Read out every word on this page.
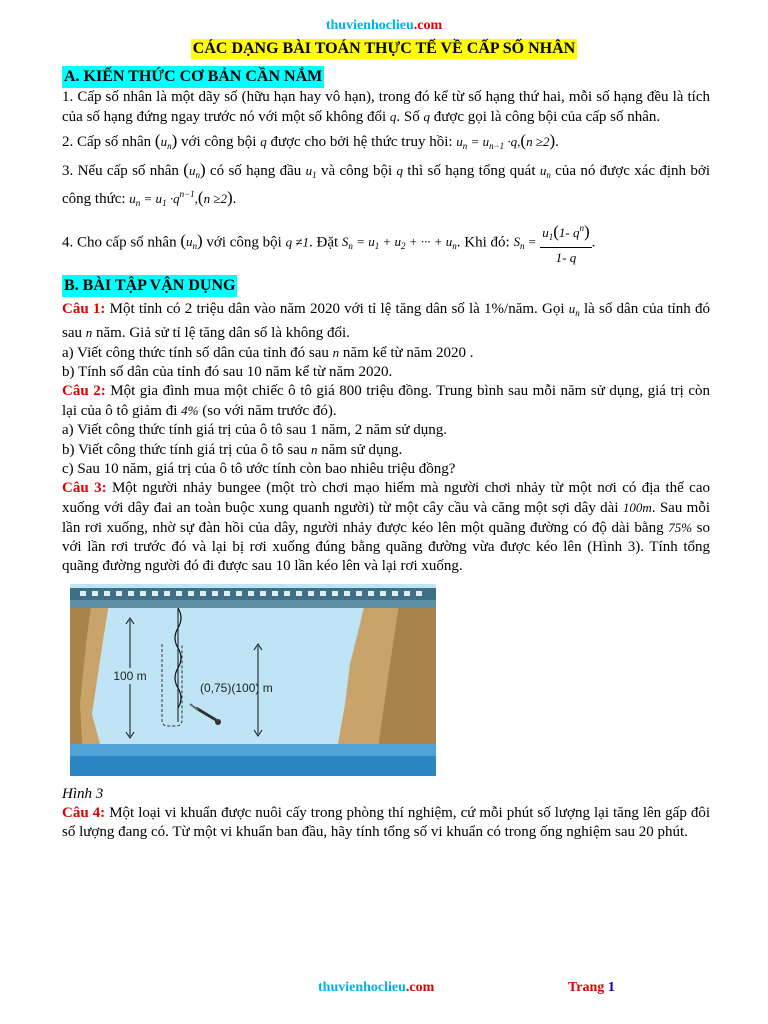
thuvienhoclieu.com
CÁC DẠNG BÀI TOÁN THỰC TẾ VỀ CẤP SỐ NHÂN
A. KIẾN THỨC CƠ BẢN CẦN NẮM

1. Cấp số nhân là một dãy số (hữu hạn hay vô hạn), trong đó kể từ số hạng thứ hai, mỗi số hạng đều là tích của số hạng đứng ngay trước nó với một số không đổi q. Số q được gọi là công bội của cấp số nhân.

2. Cấp số nhân $(u_n)$ với công bội q được cho bởi hệ thức truy hồi: $u_n = u_{n-1} \cdot q,(n \ge 2)$.

3. Nếu cấp số nhân $(u_n)$ có số hạng đầu $u_1$ và công bội q thì số hạng tổng quát $u_n$ của nó được xác định bởi công thức: $u_n = u_1 \cdot q^{n-1},(n \ge 2)$.

4. Cho cấp số nhân $(u_n)$ với công bội q ≠1. Đặt $S_n = u_1 + u_2$ + ··· + $u_n$. Khi đó: $S_n = \frac{u_1(1- q^n)}{1- q}$ .

B. BÀI TẬP VẬN DỤNG

Câu 1: Một tỉnh có 2 triệu dân vào năm 2020 với tỉ lệ tăng dân số là 1%/năm. Gọi $u_n$ là số dân của tỉnh đó sau n năm. Giả sử tỉ lệ tăng dân số là không đổi.

a) Viết công thức tính số dân của tỉnh đó sau n năm kể từ năm 2020 .

b) Tính số dân của tỉnh đó sau 10 năm kể từ năm 2020.

Câu 2: Một gia đình mua một chiếc ô tô giá 800 triệu đồng. Trung bình sau mỗi năm sử dụng, giá trị còn lại của ô tô giảm đi 4% (so với năm trước đó).

a) Viết công thức tính giá trị của ô tô sau 1 năm, 2 năm sử dụng.

b) Viết công thức tính giá trị của ô tô sau n năm sử dụng.

c) Sau 10 năm, giá trị của ô tô ước tính còn bao nhiêu triệu đồng?

Câu 3: Một người nhảy bungee (một trò chơi mạo hiểm mà người chơi nhảy từ một nơi có địa thế cao xuống với dây đai an toàn buộc xung quanh người) từ một cây cầu và căng một sợi dây dài 100m. Sau mỗi lần rơi xuống, nhờ sự đàn hồi của dây, người nhảy được kéo lên một quãng đường có độ dài bằng 75% so với lần rơi trước đó và lại bị rơi xuống đúng bằng quãng đường vừa được kéo lên (Hình 3). Tính tổng quãng đường người đó đi được sau 10 lần kéo lên và lại rơi xuống.

100 m
(0,75)(100) m

Hình 3

Câu 4: Một loại vi khuẩn được nuôi cấy trong phòng thí nghiệm, cứ mỗi phút số lượng lại tăng lên gấp đôi số lượng đang có. Từ một vi khuẩn ban đầu, hãy tính tổng số vi khuẩn có trong ống nghiệm sau 20 phút.

thuvienhoclieu.com	Trang 1
